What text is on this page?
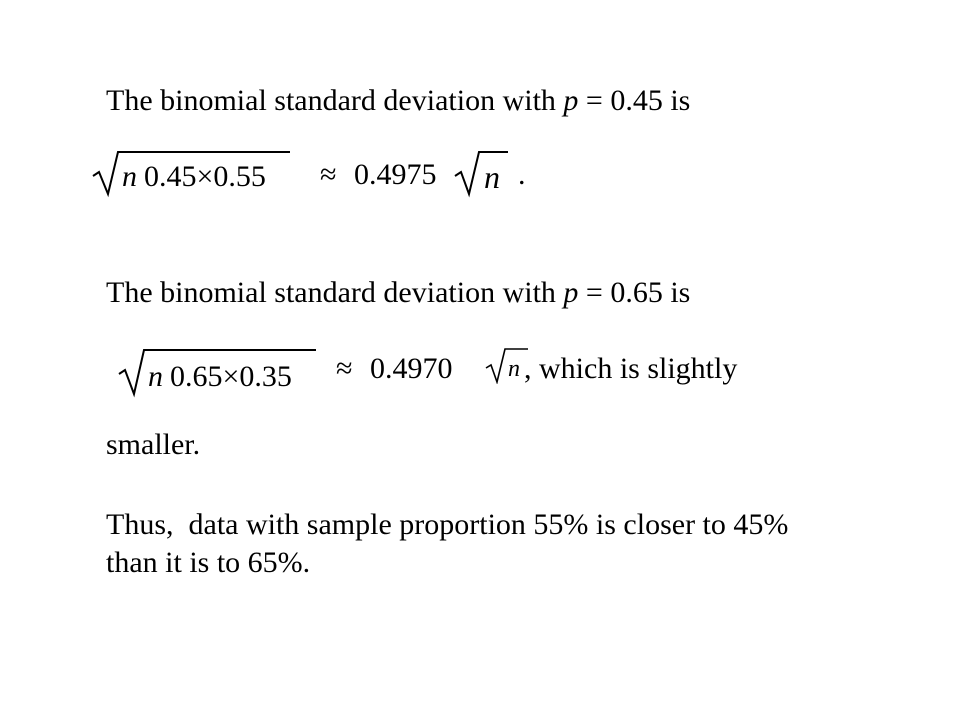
The binomial standard deviation with p = 0.45 is
n 0.45×0.55 ≈ 0.4975 n .
The binomial standard deviation with p = 0.65 is
n 0.65×0.35 ≈ 0.4970 n , which is slightly
smaller.
Thus,  data with sample proportion 55% is closer to 45%
than it is to 65%.
